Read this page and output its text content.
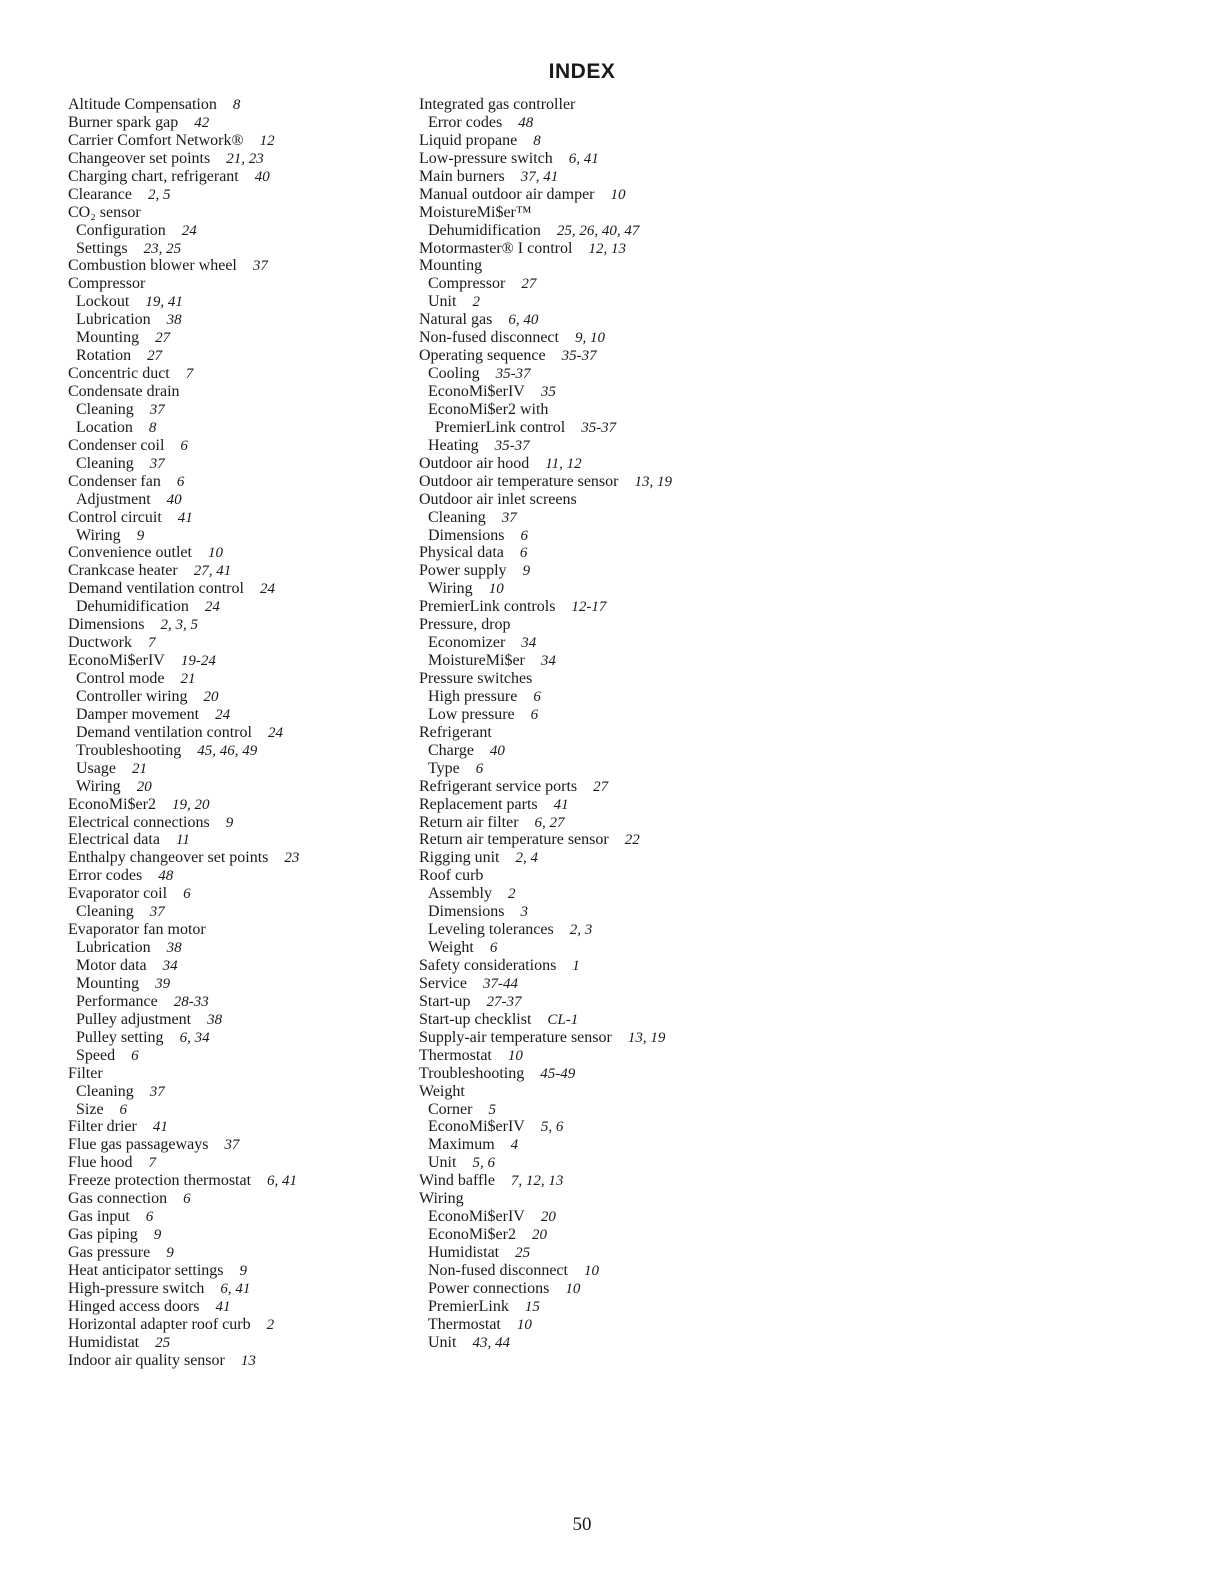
INDEX
Altitude Compensation 8
Burner spark gap 42
Carrier Comfort Network® 12
Changeover set points 21, 23
Charging chart, refrigerant 40
Clearance 2, 5
CO₂ sensor
Configuration 24
Settings 23, 25
Combustion blower wheel 37
Compressor
Lockout 19, 41
Lubrication 38
Mounting 27
Rotation 27
Concentric duct 7
Condensate drain
Cleaning 37
Location 8
Condenser coil 6
Cleaning 37
Condenser fan 6
Adjustment 40
Control circuit 41
Wiring 9
Convenience outlet 10
Crankcase heater 27, 41
Demand ventilation control 24
Dehumidification 24
Dimensions 2, 3, 5
Ductwork 7
EconoMi$erIV 19-24
Control mode 21
Controller wiring 20
Damper movement 24
Demand ventilation control 24
Troubleshooting 45, 46, 49
Usage 21
Wiring 20
EconoMi$er2 19, 20
Electrical connections 9
Electrical data 11
Enthalpy changeover set points 23
Error codes 48
Evaporator coil 6
Cleaning 37
Evaporator fan motor
Lubrication 38
Motor data 34
Mounting 39
Performance 28-33
Pulley adjustment 38
Pulley setting 6, 34
Speed 6
Filter
Cleaning 37
Size 6
Filter drier 41
Flue gas passageways 37
Flue hood 7
Freeze protection thermostat 6, 41
Gas connection 6
Gas input 6
Gas piping 9
Gas pressure 9
Heat anticipator settings 9
High-pressure switch 6, 41
Hinged access doors 41
Horizontal adapter roof curb 2
Humidistat 25
Indoor air quality sensor 13
Integrated gas controller
Error codes 48
Liquid propane 8
Low-pressure switch 6, 41
Main burners 37, 41
Manual outdoor air damper 10
MoistureMi$er™
Dehumidification 25, 26, 40, 47
Motormaster® I control 12, 13
Mounting
Compressor 27
Unit 2
Natural gas 6, 40
Non-fused disconnect 9, 10
Operating sequence 35-37
Cooling 35-37
EconoMi$erIV 35
EconoMi$er2 with
PremierLink control 35-37
Heating 35-37
Outdoor air hood 11, 12
Outdoor air temperature sensor 13, 19
Outdoor air inlet screens
Cleaning 37
Dimensions 6
Physical data 6
Power supply 9
Wiring 10
PremierLink controls 12-17
Pressure, drop
Economizer 34
MoistureMi$er 34
Pressure switches
High pressure 6
Low pressure 6
Refrigerant
Charge 40
Type 6
Refrigerant service ports 27
Replacement parts 41
Return air filter 6, 27
Return air temperature sensor 22
Rigging unit 2, 4
Roof curb
Assembly 2
Dimensions 3
Leveling tolerances 2, 3
Weight 6
Safety considerations 1
Service 37-44
Start-up 27-37
Start-up checklist CL-1
Supply-air temperature sensor 13, 19
Thermostat 10
Troubleshooting 45-49
Weight
Corner 5
EconoMi$erIV 5, 6
Maximum 4
Unit 5, 6
Wind baffle 7, 12, 13
Wiring
EconoMi$erIV 20
EconoMi$er2 20
Humidistat 25
Non-fused disconnect 10
Power connections 10
PremierLink 15
Thermostat 10
Unit 43, 44
50
